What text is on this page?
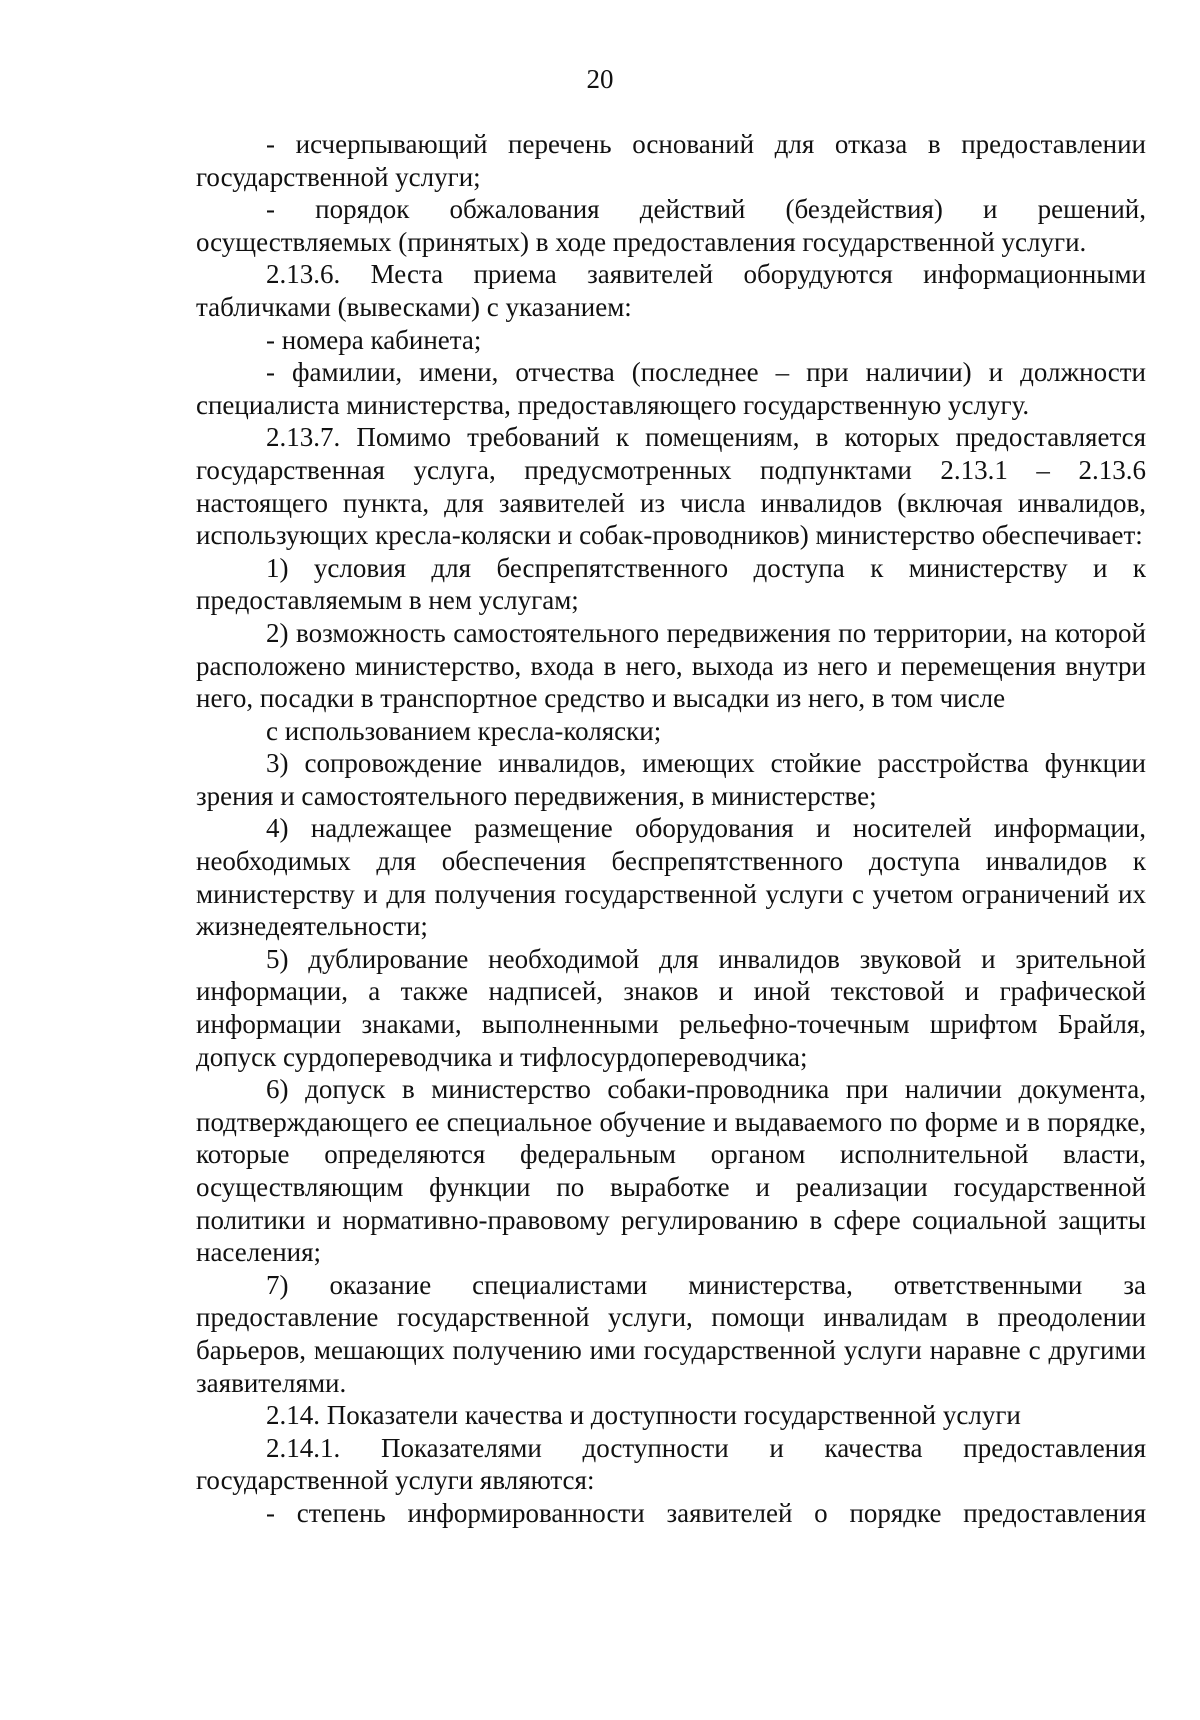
20

- исчерпывающий перечень оснований для отказа в предоставлении государственной услуги;

- порядок обжалования действий (бездействия) и решений, осуществляемых (принятых) в ходе предоставления государственной услуги.

2.13.6. Места приема заявителей оборудуются информационными табличками (вывесками) с указанием:

- номера кабинета;

- фамилии, имени, отчества (последнее – при наличии) и должности специалиста министерства, предоставляющего государственную услугу.

2.13.7. Помимо требований к помещениям, в которых предоставляется государственная услуга, предусмотренных подпунктами 2.13.1 – 2.13.6 настоящего пункта, для заявителей из числа инвалидов (включая инвалидов, использующих кресла-коляски и собак-проводников) министерство обеспечивает:

1) условия для беспрепятственного доступа к министерству и к предоставляемым в нем услугам;

2) возможность самостоятельного передвижения по территории, на которой расположено министерство, входа в него, выхода из него и перемещения внутри него, посадки в транспортное средство и высадки из него, в том числе

с использованием кресла-коляски;

3) сопровождение инвалидов, имеющих стойкие расстройства функции зрения и самостоятельного передвижения, в министерстве;

4) надлежащее размещение оборудования и носителей информации, необходимых для обеспечения беспрепятственного доступа инвалидов к министерству и для получения государственной услуги с учетом ограничений их жизнедеятельности;

5) дублирование необходимой для инвалидов звуковой и зрительной информации, а также надписей, знаков и иной текстовой и графической информации знаками, выполненными рельефно-точечным шрифтом Брайля, допуск сурдопереводчика и тифлосурдопереводчика;

6) допуск в министерство собаки-проводника при наличии документа, подтверждающего ее специальное обучение и выдаваемого по форме и в порядке, которые определяются федеральным органом исполнительной власти, осуществляющим функции по выработке и реализации государственной политики и нормативно-правовому регулированию в сфере социальной защиты населения;

7) оказание специалистами министерства, ответственными за предоставление государственной услуги, помощи инвалидам в преодолении барьеров, мешающих получению ими государственной услуги наравне с другими заявителями.

2.14. Показатели качества и доступности государственной услуги

2.14.1. Показателями доступности и качества предоставления государственной услуги являются:

- степень информированности заявителей о порядке предоставления
